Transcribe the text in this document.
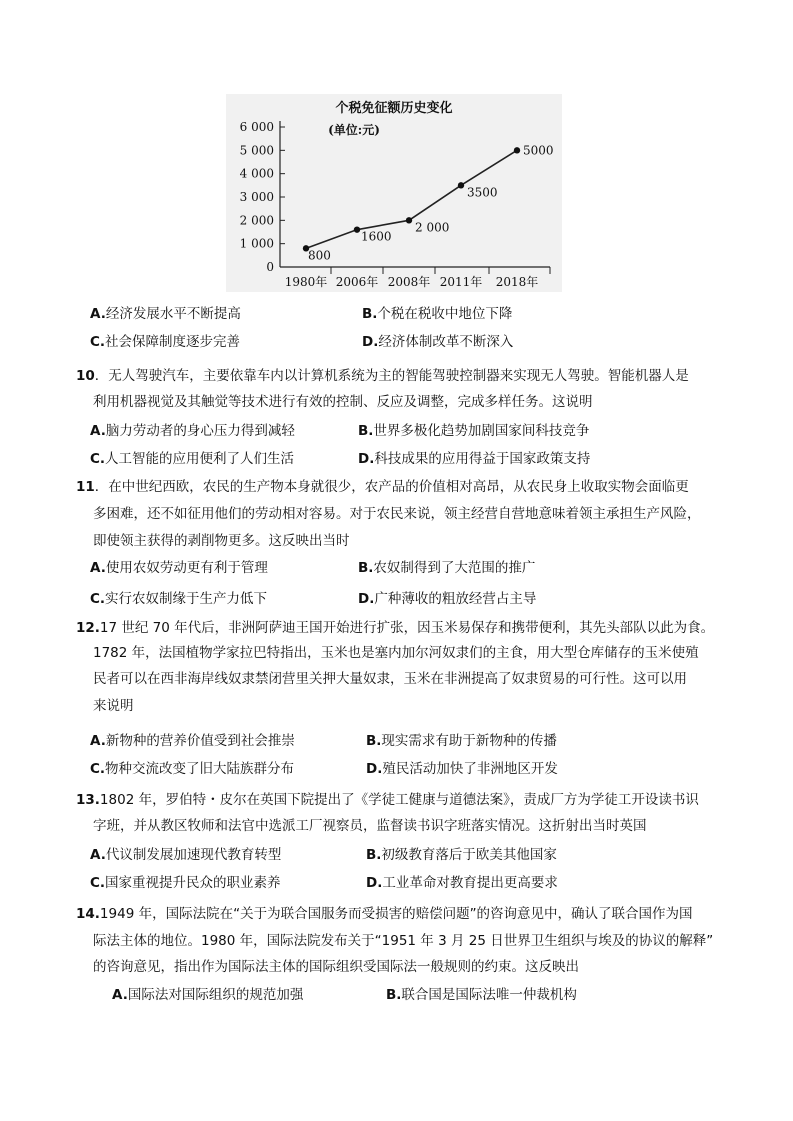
个税免征额历史变化
(单位:元)
0
1 000
2 000
3 000
4 000
5 000
6 000
1980年 2006年 2008年 2011年 2018年
800
1600
2 000
3500
5000
A.经济发展水平不断提高	B.个税在税收中地位下降
C.社会保障制度逐步完善	D.经济体制改革不断深入
10．无人驾驶汽车，主要依靠车内以计算机系统为主的智能驾驶控制器来实现无人驾驶。智能机器人是
利用机器视觉及其触觉等技术进行有效的控制、反应及调整，完成多样任务。这说明
A.脑力劳动者的身心压力得到减轻	B.世界多极化趋势加剧国家间科技竞争
C.人工智能的应用便利了人们生活	D.科技成果的应用得益于国家政策支持
11．在中世纪西欧，农民的生产物本身就很少，农产品的价值相对高昂，从农民身上收取实物会面临更
多困难，还不如征用他们的劳动相对容易。对于农民来说，领主经营自营地意味着领主承担生产风险，
即使领主获得的剥削物更多。这反映出当时
A.使用农奴劳动更有利于管理	B.农奴制得到了大范围的推广
C.实行农奴制缘于生产力低下	D.广种薄收的粗放经营占主导
12.17 世纪 70 年代后，非洲阿萨迪王国开始进行扩张，因玉米易保存和携带便利，其先头部队以此为食。
1782 年，法国植物学家拉巴特指出，玉米也是塞内加尔河奴隶们的主食，用大型仓库储存的玉米使殖
民者可以在西非海岸线奴隶禁闭营里关押大量奴隶，玉米在非洲提高了奴隶贸易的可行性。这可以用
来说明
A.新物种的营养价值受到社会推崇	B.现实需求有助于新物种的传播
C.物种交流改变了旧大陆族群分布	D.殖民活动加快了非洲地区开发
13.1802 年，罗伯特・皮尔在英国下院提出了《学徒工健康与道德法案》，责成厂方为学徒工开设读书识
字班，并从教区牧师和法官中选派工厂视察员，监督读书识字班落实情况。这折射出当时英国
A.代议制发展加速现代教育转型	B.初级教育落后于欧美其他国家
C.国家重视提升民众的职业素养	D.工业革命对教育提出更高要求
14.1949 年，国际法院在“关于为联合国服务而受损害的赔偿问题”的咨询意见中，确认了联合国作为国
际法主体的地位。1980 年，国际法院发布关于“1951 年 3 月 25 日世界卫生组织与埃及的协议的解释”
的咨询意见，指出作为国际法主体的国际组织受国际法一般规则的约束。这反映出
A.国际法对国际组织的规范加强	B.联合国是国际法唯一仲裁机构
